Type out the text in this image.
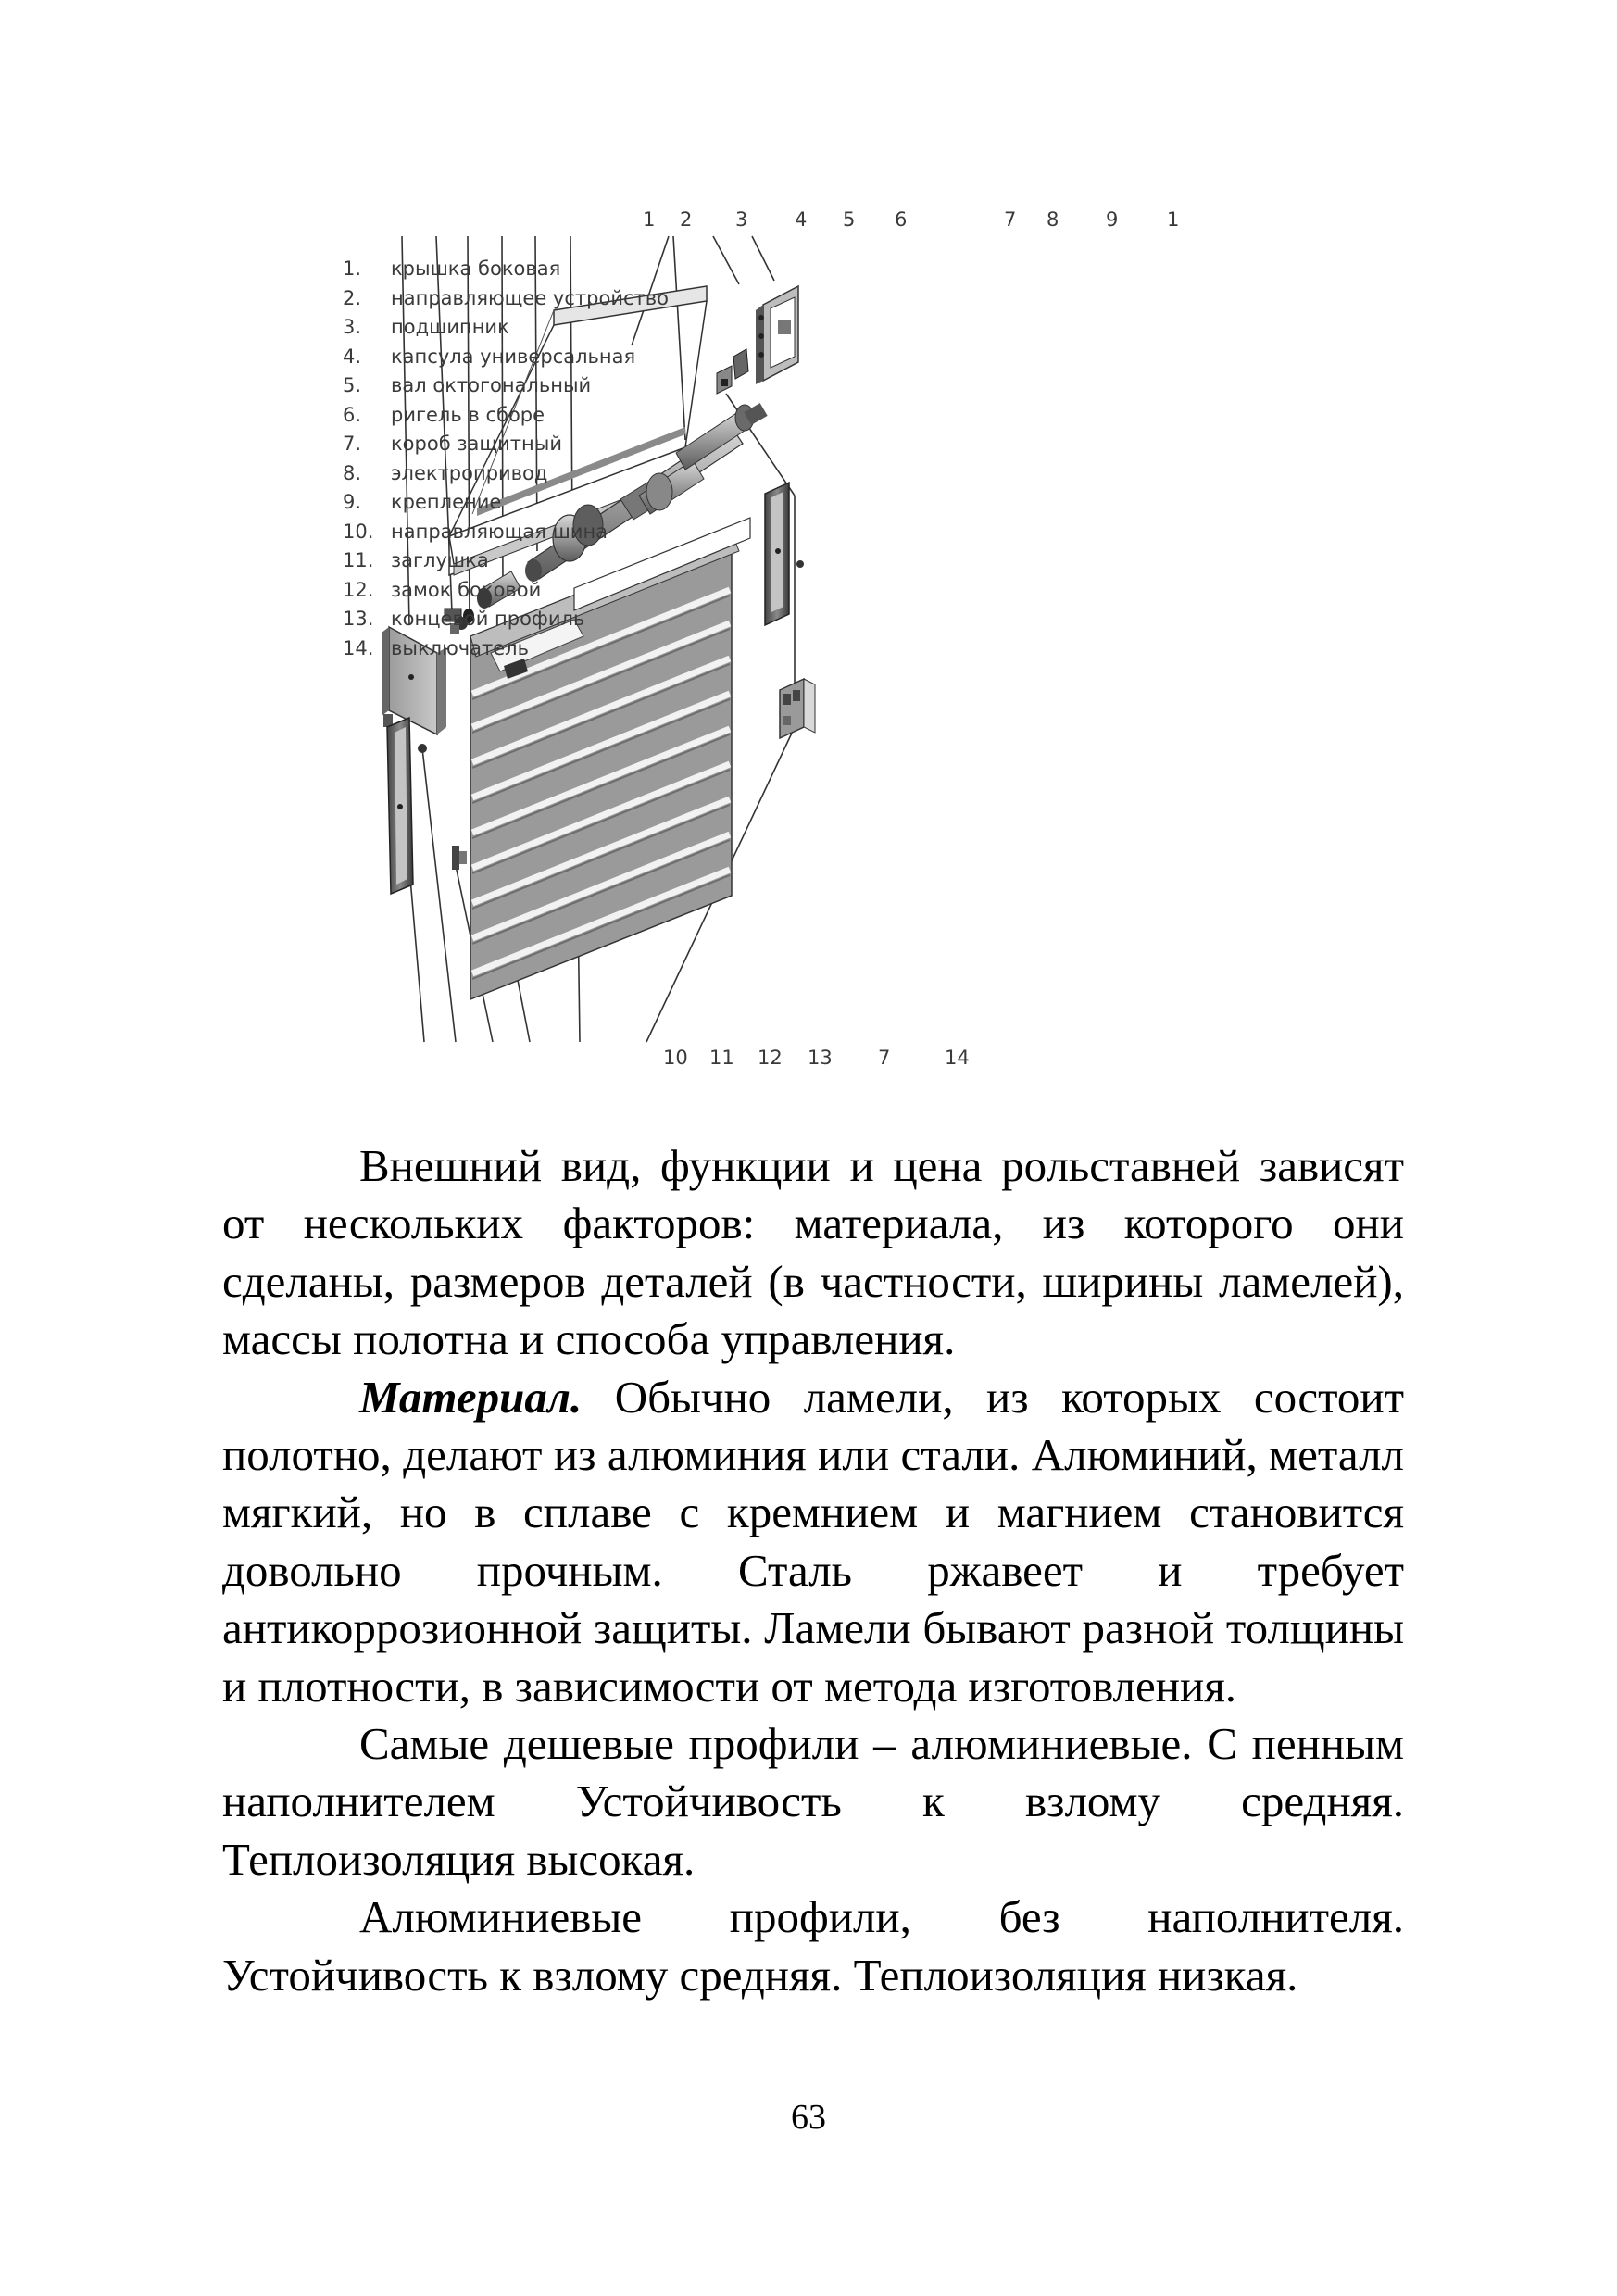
1. крышка боковая
2. направляющее устройство
3. подшипник
4. капсула универсальная
5. вал октогональный
6. ригель в сборе
7. короб защитный
8. электропривод
9. крепление
10. направляющая шина
11. заглушка
12. замок боковой
13. концевой профиль
14. выключатель
1 2 3 4 5 6	7 8 9	1
10 11 12 13 7	14

Внешний вид, функции и цена рольставней зависят от нескольких факторов: материала, из которого они сделаны, размеров деталей (в частности, ширины ламелей), массы полотна и способа управления.

Материал. Обычно ламели, из которых состоит полотно, делают из алюминия или стали. Алюминий, металл мягкий, но в сплаве с кремнием и магнием становится довольно прочным. Сталь ржавеет и требует антикоррозионной защиты. Ламели бывают разной толщины и плотности, в зависимости от метода изготовления.

Самые дешевые профили – алюминиевые. С пенным наполнителем Устойчивость к взлому средняя. Теплоизоляция высокая.

Алюминиевые профили, без наполнителя. Устойчивость к взлому средняя. Теплоизоляция низкая.

63
